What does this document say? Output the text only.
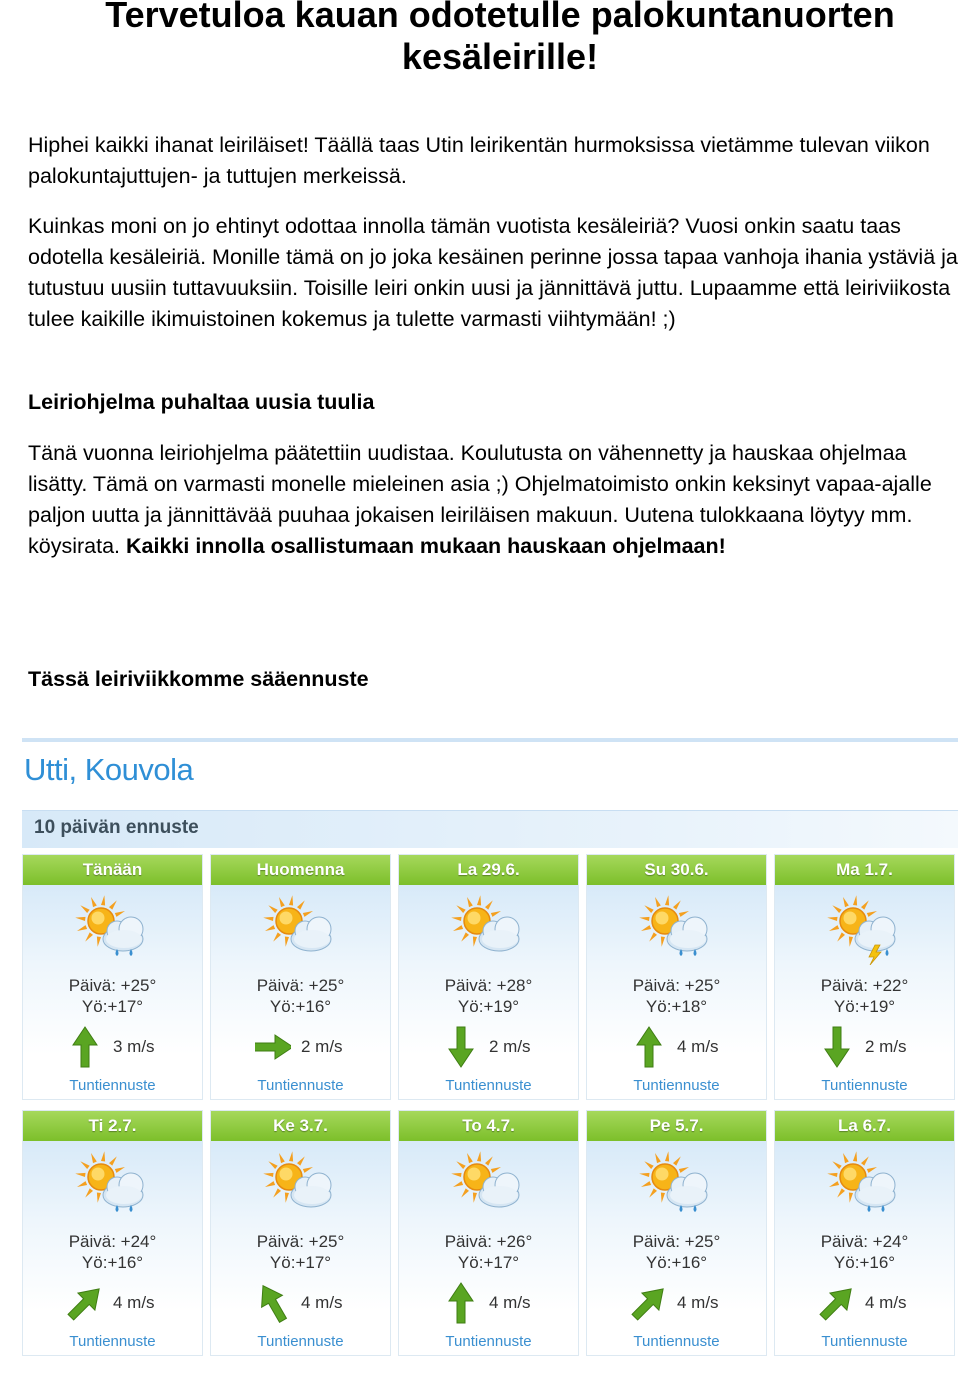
Tervetuloa kauan odotetulle palokuntanuorten kesäleirille!

Hiphei kaikki ihanat leiriläiset! Täällä taas Utin leirikentän hurmoksissa vietämme tulevan viikon palokuntajuttujen- ja tuttujen merkeissä.

Kuinkas moni on jo ehtinyt odottaa innolla tämän vuotista kesäleiriä? Vuosi onkin saatu taas odotella kesäleiriä. Monille tämä on jo joka kesäinen perinne jossa tapaa vanhoja ihania ystäviä ja tutustuu uusiin tuttavuuksiin. Toisille leiri onkin uusi ja jännittävä juttu. Lupaamme että leiriviikosta tulee kaikille ikimuistoinen kokemus ja tulette varmasti viihtymään! ;)

Leiriohjelma puhaltaa uusia tuulia

Tänä vuonna leiriohjelma päätettiin uudistaa. Koulutusta on vähennetty ja hauskaa ohjelmaa lisätty. Tämä on varmasti monelle mieleinen asia ;) Ohjelmatoimisto onkin keksinyt vapaa-ajalle paljon uutta ja jännittävää puuhaa jokaisen leiriläisen makuun. Uutena tulokkaana löytyy mm. köysirata. Kaikki innolla osallistumaan mukaan hauskaan ohjelmaan!

Tässä leiriviikkomme sääennuste
Utti, Kouvola
10 päivän ennuste
Tänään
Päivä: +25°
Yö:+17°
3 m/s
Tuntiennuste
Huomenna
Päivä: +25°
Yö:+16°
2 m/s
Tuntiennuste
La 29.6.
Päivä: +28°
Yö:+19°
2 m/s
Tuntiennuste
Su 30.6.
Päivä: +25°
Yö:+18°
4 m/s
Tuntiennuste
Ma 1.7.
Päivä: +22°
Yö:+19°
2 m/s
Tuntiennuste
Ti 2.7.
Päivä: +24°
Yö:+16°
4 m/s
Tuntiennuste
Ke 3.7.
Päivä: +25°
Yö:+17°
4 m/s
Tuntiennuste
To 4.7.
Päivä: +26°
Yö:+17°
4 m/s
Tuntiennuste
Pe 5.7.
Päivä: +25°
Yö:+16°
4 m/s
Tuntiennuste
La 6.7.
Päivä: +24°
Yö:+16°
4 m/s
Tuntiennuste
